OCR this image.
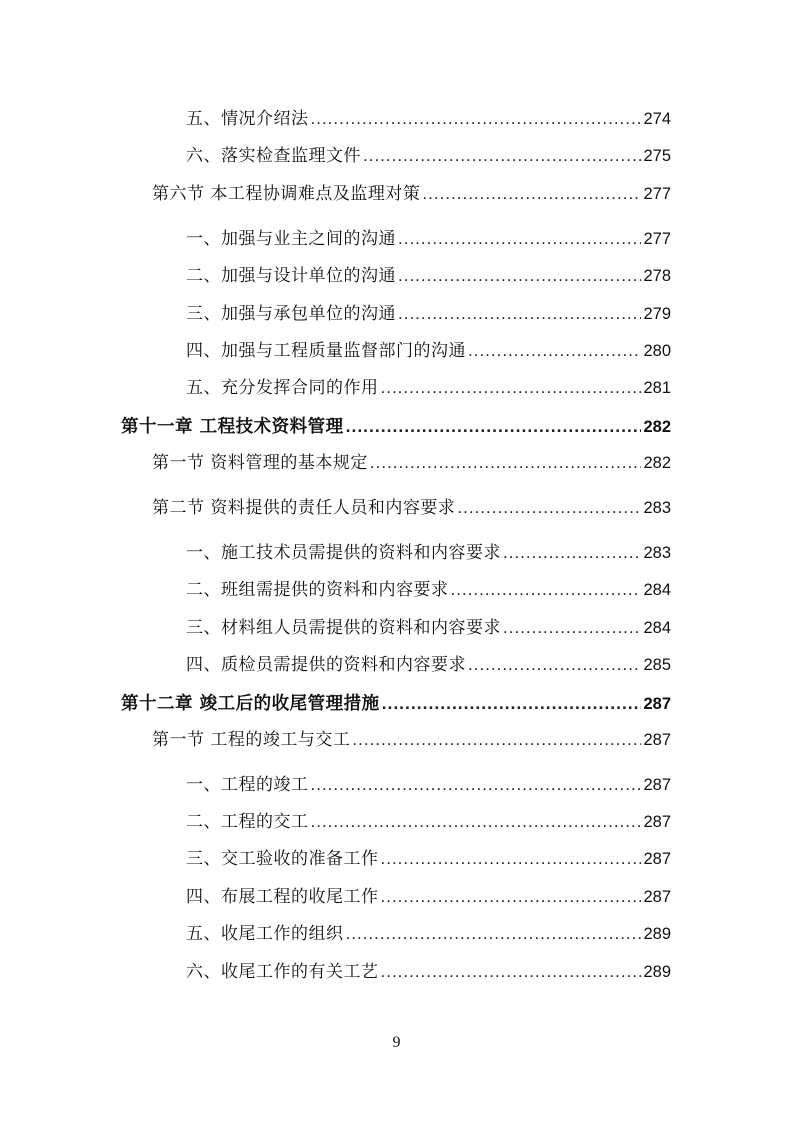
五、情况介绍法 .....	274
六、落实检查监理文件 .....	275
第六节 本工程协调难点及监理对策 .....	277
一、加强与业主之间的沟通 .....	277
二、加强与设计单位的沟通 .....	278
三、加强与承包单位的沟通 .....	279
四、加强与工程质量监督部门的沟通 .....	280
五、充分发挥合同的作用 .....	281
第十一章 工程技术资料管理 .....	282
第一节 资料管理的基本规定 .....	282
第二节 资料提供的责任人员和内容要求 .....	283
一、施工技术员需提供的资料和内容要求 .....	283
二、班组需提供的资料和内容要求 .....	284
三、材料组人员需提供的资料和内容要求 .....	284
四、质检员需提供的资料和内容要求 .....	285
第十二章 竣工后的收尾管理措施 .....	287
第一节 工程的竣工与交工 .....	287
一、工程的竣工 .....	287
二、工程的交工 .....	287
三、交工验收的准备工作 .....	287
四、布展工程的收尾工作 .....	287
五、收尾工作的组织 .....	289
六、收尾工作的有关工艺 .....	289
9
